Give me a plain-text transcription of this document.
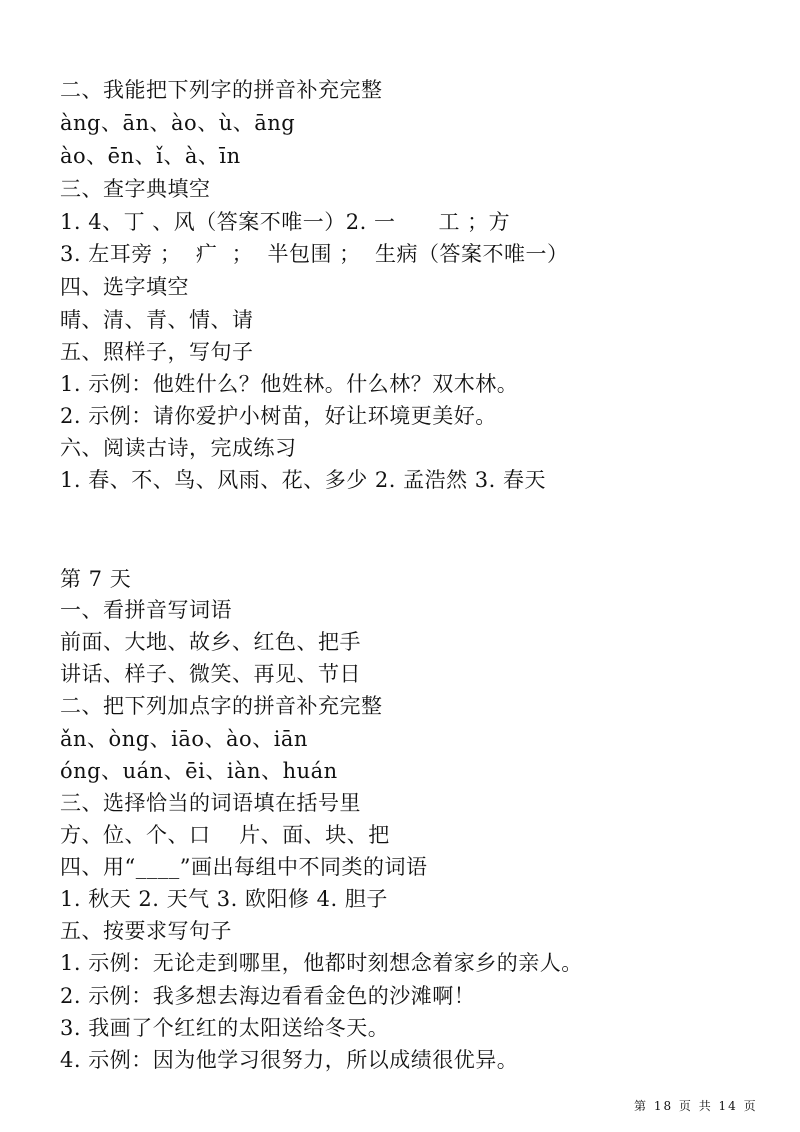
二、我能把下列字的拼音补充完整
àng、ān、ào、ù、āng
ào、ēn、ǐ、à、īn
三、查字典填空
1. 4、丁 、风（答案不唯一）2. 一      工 ；方
3. 左耳旁 ；  疒  ；  半包围 ；  生病（答案不唯一）
四、选字填空
晴、清、青、情、请
五、照样子，写句子
1. 示例：他姓什么？他姓林。什么林？双木林。
2. 示例：请你爱护小树苗，好让环境更美好。
六、阅读古诗，完成练习
1. 春、不、鸟、风雨、花、多少 2. 孟浩然 3. 春天
第 7 天
一、看拼音写词语
前面、大地、故乡、红色、把手
讲话、样子、微笑、再见、节日
二、把下列加点字的拼音补充完整
ǎn、òng、iāo、ào、iān
óng、uán、ēi、iàn、huán
三、选择恰当的词语填在括号里
方、位、个、口    片、面、块、把
四、用“____”画出每组中不同类的词语
1. 秋天 2. 天气 3. 欧阳修 4. 胆子
五、按要求写句子
1. 示例：无论走到哪里，他都时刻想念着家乡的亲人。
2. 示例：我多想去海边看看金色的沙滩啊！
3. 我画了个红红的太阳送给冬天。
4. 示例：因为他学习很努力，所以成绩很优异。
第 18 页 共 14 页
